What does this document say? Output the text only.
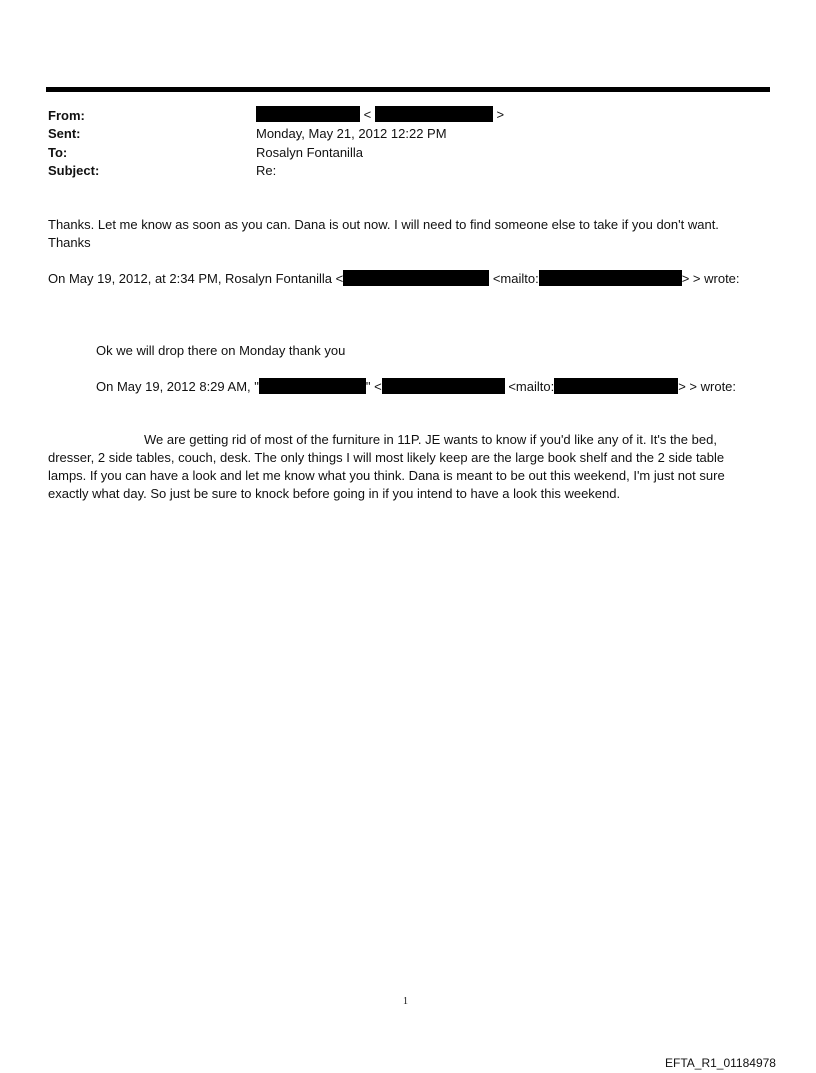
From:	<	>
Sent:	Monday, May 21, 2012 12:22 PM
To:	Rosalyn Fontanilla
Subject:	Re:
Thanks. Let me know as soon as you can. Dana is out now. I will need to find someone else to take if you don't want.
Thanks
On May 19, 2012, at 2:34 PM, Rosalyn Fontanilla <	<mailto:	> > wrote:
Ok we will drop there on Monday thank you
On May 19, 2012 8:29 AM, "	" <	<mailto:	> > wrote:
We are getting rid of most of the furniture in 11P. JE wants to know if you'd like any of it. It's the bed, dresser, 2 side tables, couch, desk. The only things I will most likely keep are the large book shelf and the 2 side table lamps. If you can have a look and let me know what you think. Dana is meant to be out this weekend, I'm just not sure exactly what day. So just be sure to knock before going in if you intend to have a look this weekend.
1
EFTA_R1_01184978
